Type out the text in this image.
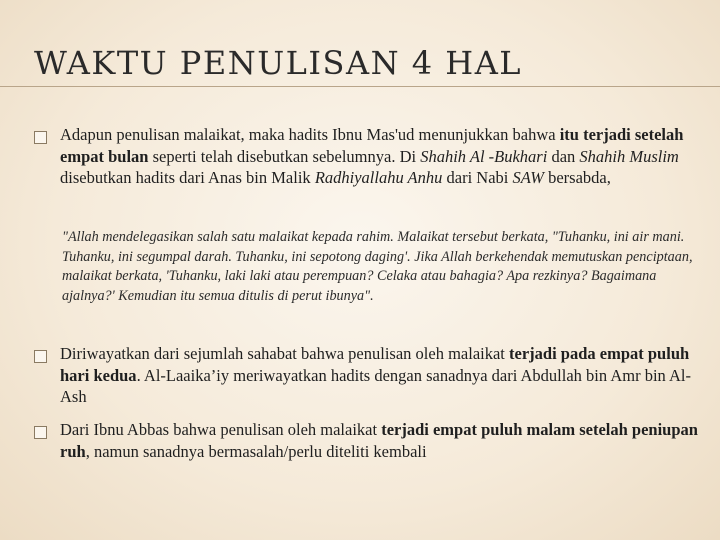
WAKTU PENULISAN 4 HAL

Adapun penulisan malaikat, maka hadits Ibnu Mas'ud menunjukkan bahwa itu terjadi setelah empat bulan seperti telah disebutkan sebelumnya. Di Shahih Al -Bukhari dan Shahih Muslim disebutkan hadits dari Anas bin Malik Radhiyallahu Anhu dari Nabi SAW bersabda,

"Allah mendelegasikan salah satu malaikat kepada rahim. Malaikat tersebut berkata, "Tuhanku, ini air mani. Tuhanku, ini segumpal darah. Tuhanku, ini sepotong daging'. Jika Allah berkehendak memutuskan penciptaan, malaikat berkata, 'Tuhanku, laki laki atau perempuan? Celaka atau bahagia? Apa rezkinya? Bagaimana ajalnya?' Kemudian itu semua ditulis di perut ibunya".

Diriwayatkan dari sejumlah sahabat bahwa penulisan oleh malaikat terjadi pada empat puluh hari kedua. Al-Laaika’iy meriwayatkan hadits dengan sanadnya dari Abdullah bin Amr bin Al-Ash

Dari Ibnu Abbas bahwa penulisan oleh malaikat terjadi empat puluh malam setelah peniupan ruh, namun sanadnya bermasalah/perlu diteliti kembali
